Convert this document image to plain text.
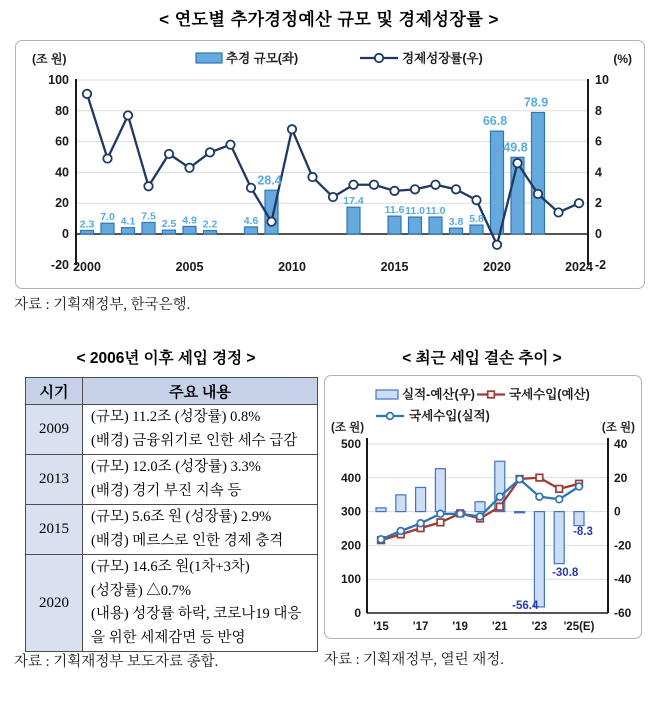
< 연도별 추가경정예산 규모 및 경제성장률 >
100
80
60
40
20
0
-20
10
8
6
4
2
0
-2
2000	2005	2010	2015	2020	2024
2.3
7.0 4.1 7.5
2.5 4.9 2.2	4.6
28.4
17.4
11.6 11.0 11.0
3.8 5.8
66.8
49.8
78.9
추경 규모(좌)	경제성장률(우)
(조 원)	(%)
자료 : 기획재정부, 한국은행.
< 2006년 이후 세입 경정 >	< 최근 세입 결손 추이 >
시기	주요 내용
2009	(규모) 11.2조 (성장률) 0.8%
(배경) 금융위기로 인한 세수 급감

2013	(규모) 12.0조 (성장률) 3.3%
(배경) 경기 부진 지속 등

2015	(규모) 5.6조 원 (성장률) 2.9%
(배경) 메르스로 인한 경제 충격

2020	(규모) 14.6조 원(1차+3차)
(성장률) △0.7%
(내용) 성장률 하락, 코로나19 대응을 위한 세제감면 등 반영
자료 : 기획재정부 보도자료 종합.
500
400
300
200
100
0
40
20
0
-20
-40
-60
'15 '17 '19 '21 '23 '25(E)
-56.4
-30.8
-8.3
실적-예산(우)	국세수입(예산)
국세수입(실적)
(조 원)	(조 원)
자료 : 기획재정부, 열린 재정.
